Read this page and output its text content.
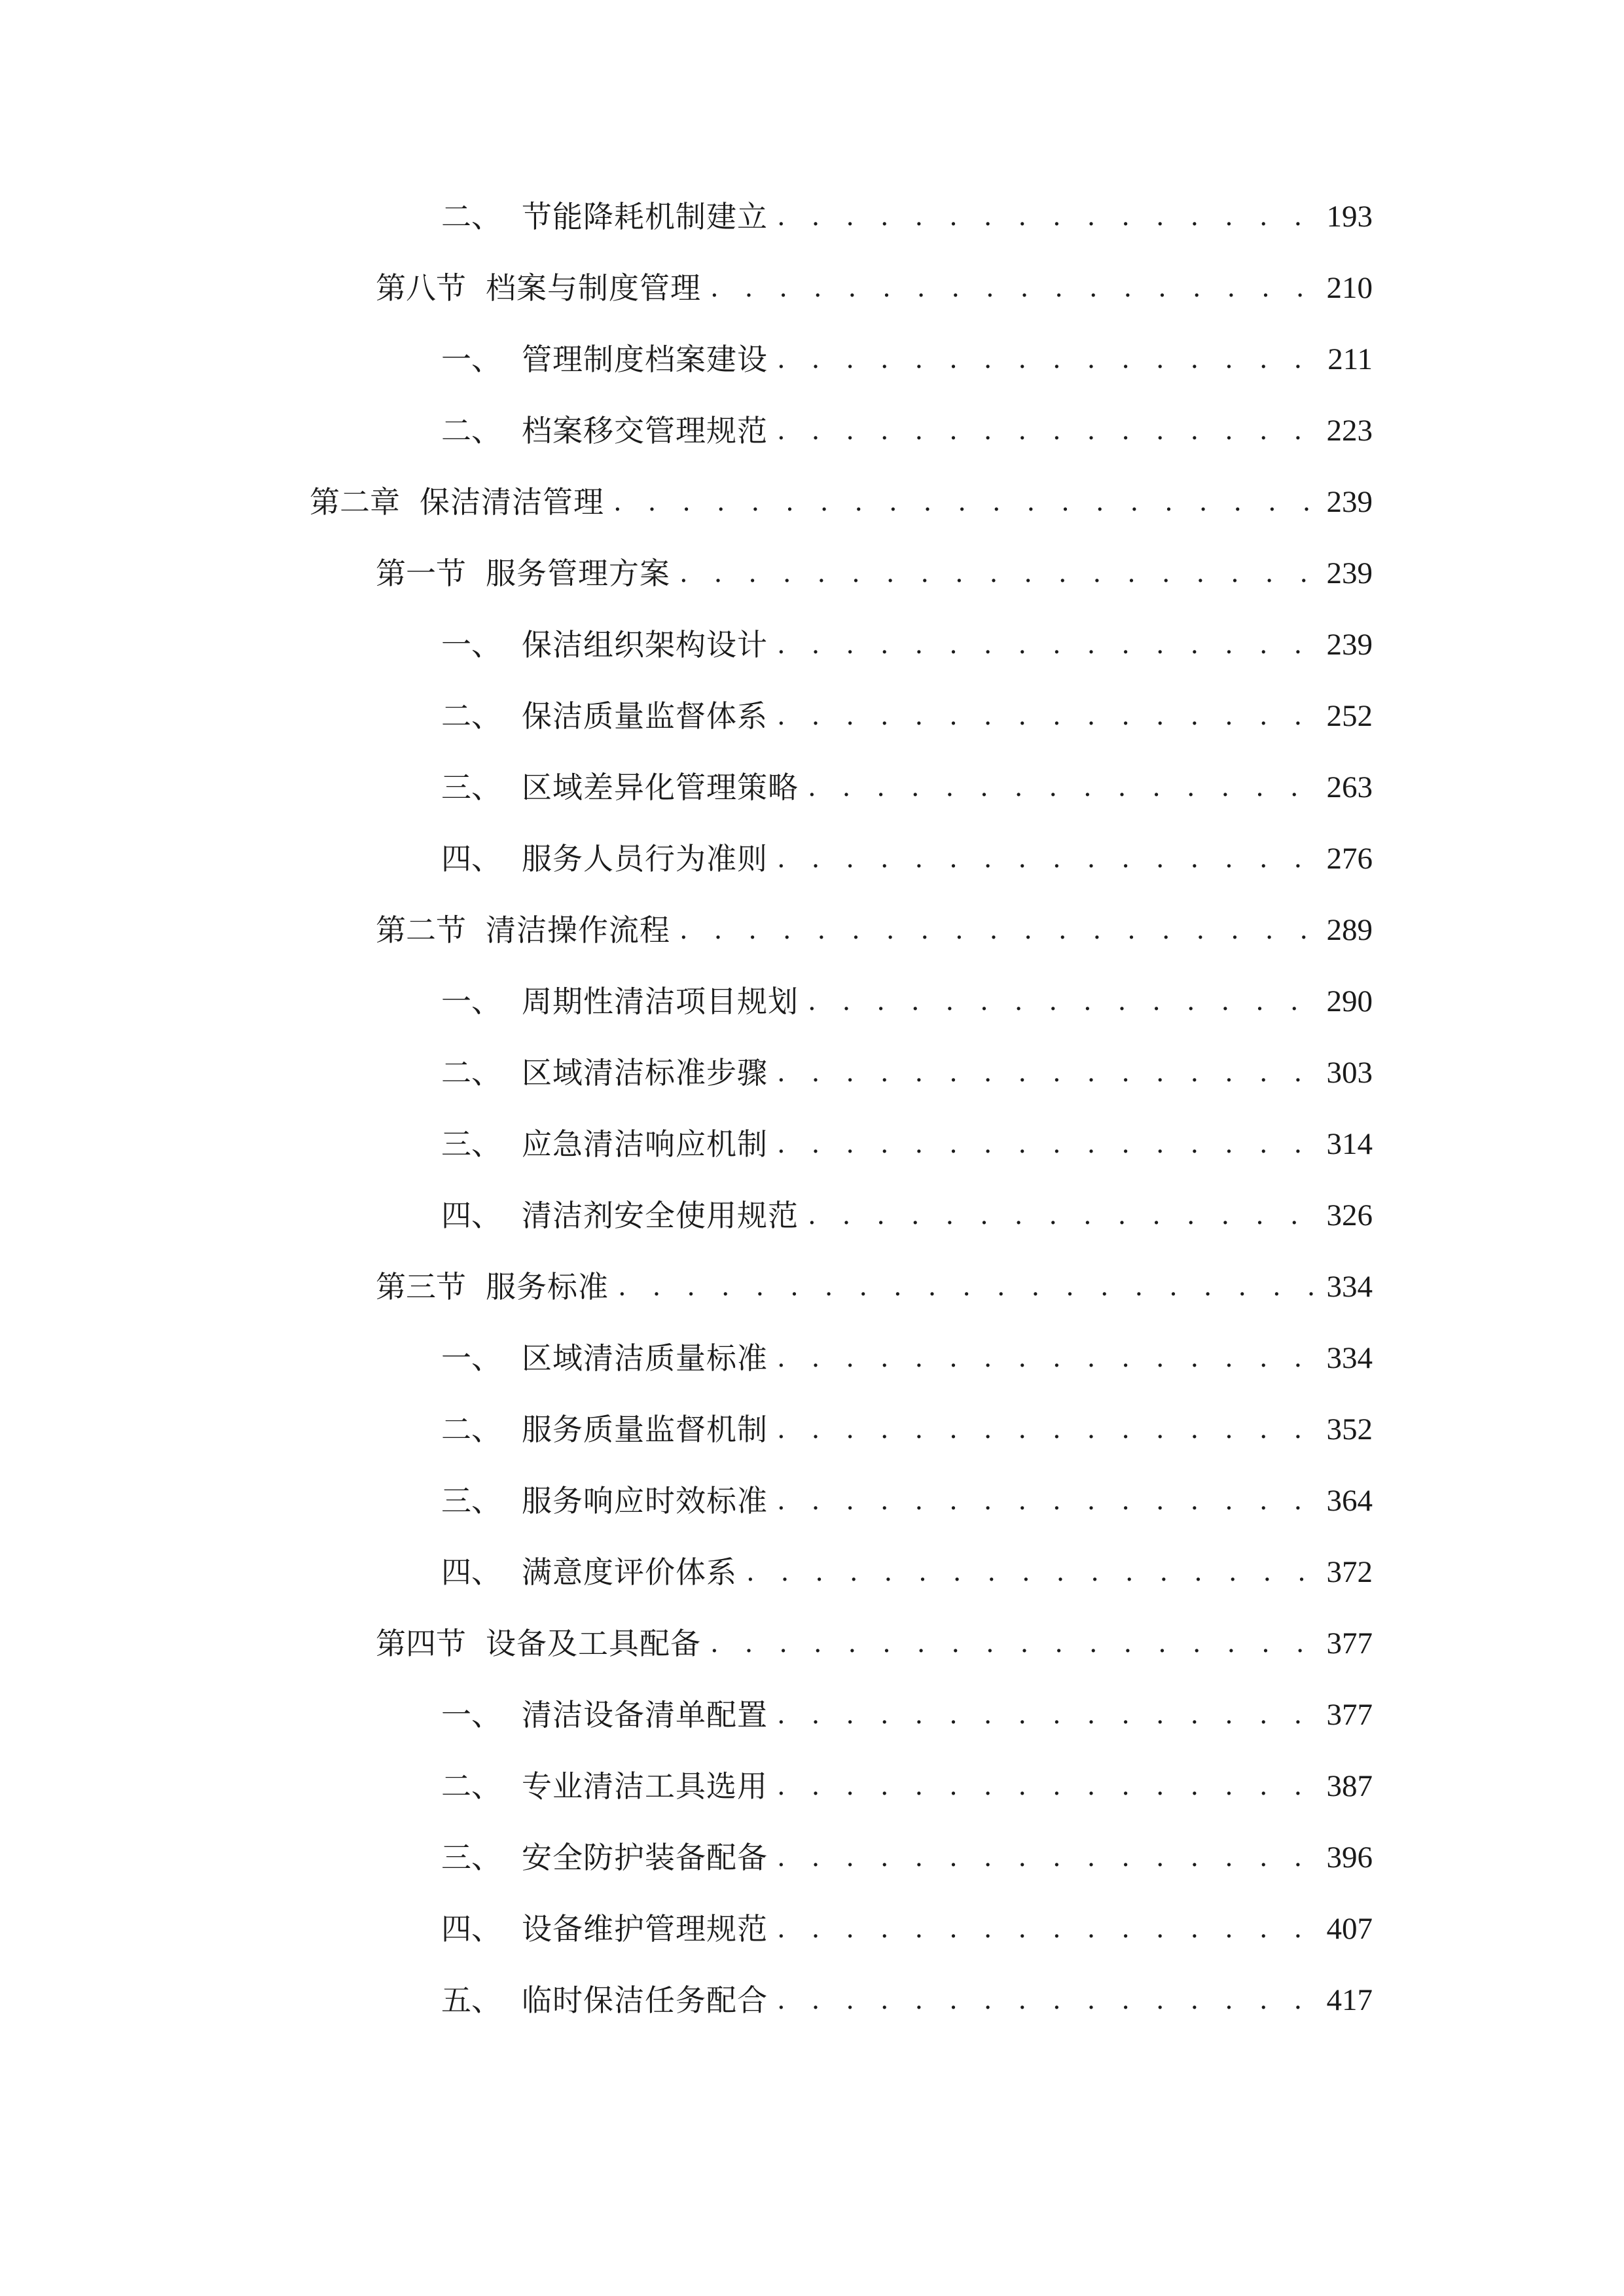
二、 节能降耗机制建立 . . .	193
第八节 档案与制度管理 . . .	210
一、 管理制度档案建设 . . .	211
二、 档案移交管理规范 . . .	223
第二章 保洁清洁管理 . . .	239
第一节 服务管理方案 . . .	239
一、 保洁组织架构设计 . . .	239
二、 保洁质量监督体系 . . .	252
三、 区域差异化管理策略 . . .	263
四、 服务人员行为准则 . . .	276
第二节 清洁操作流程 . . .	289
一、 周期性清洁项目规划 . . .	290
二、 区域清洁标准步骤 . . .	303
三、 应急清洁响应机制 . . .	314
四、 清洁剂安全使用规范 . . .	326
第三节 服务标准 . . .	334
一、 区域清洁质量标准 . . .	334
二、 服务质量监督机制 . . .	352
三、 服务响应时效标准 . . .	364
四、 满意度评价体系 . . .	372
第四节 设备及工具配备 . . .	377
一、 清洁设备清单配置 . . .	377
二、 专业清洁工具选用 . . .	387
三、 安全防护装备配备 . . .	396
四、 设备维护管理规范 . . .	407
五、 临时保洁任务配合 . . .	417
